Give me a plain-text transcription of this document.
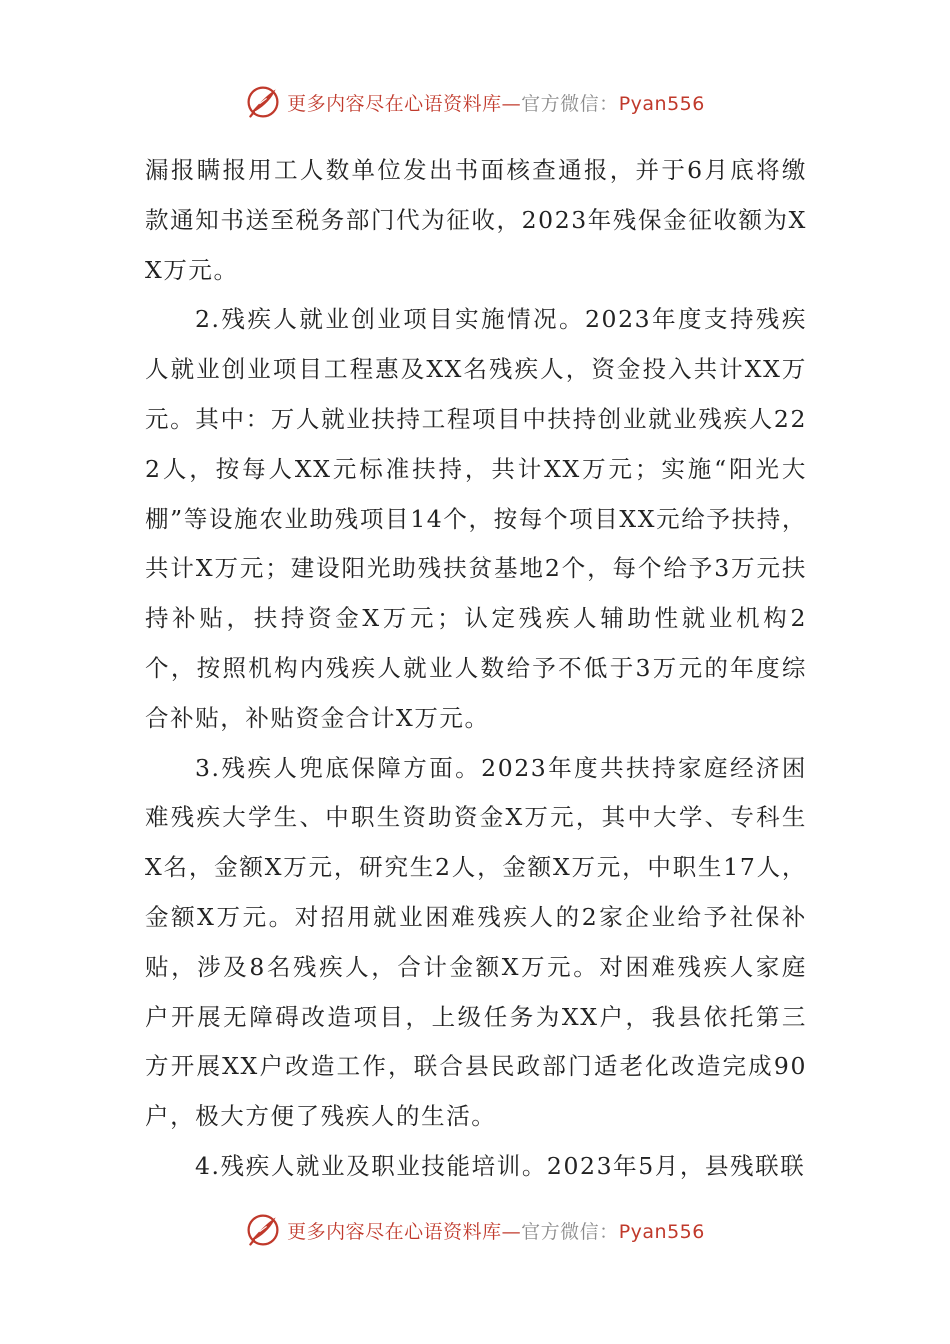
更多内容尽在心语资料库—官方微信：Pyan556

漏报瞒报用工人数单位发出书面核查通报，并于6月底将缴款通知书送至税务部门代为征收，2023年残保金征收额为XX万元。

2.残疾人就业创业项目实施情况。2023年度支持残疾人就业创业项目工程惠及XX名残疾人，资金投入共计XX万元。其中：万人就业扶持工程项目中扶持创业就业残疾人222人，按每人XX元标准扶持，共计XX万元；实施“阳光大棚”等设施农业助残项目14个，按每个项目XX元给予扶持，共计X万元；建设阳光助残扶贫基地2个，每个给予3万元扶持补贴，扶持资金X万元；认定残疾人辅助性就业机构2个，按照机构内残疾人就业人数给予不低于3万元的年度综合补贴，补贴资金合计X万元。

3.残疾人兜底保障方面。2023年度共扶持家庭经济困难残疾大学生、中职生资助资金X万元，其中大学、专科生X名，金额X万元，研究生2人，金额X万元，中职生17人，金额X万元。对招用就业困难残疾人的2家企业给予社保补贴，涉及8名残疾人，合计金额X万元。对困难残疾人家庭户开展无障碍改造项目，上级任务为XX户，我县依托第三方开展XX户改造工作，联合县民政部门适老化改造完成90户，极大方便了残疾人的生活。

4.残疾人就业及职业技能培训。2023年5月，县残联联

更多内容尽在心语资料库—官方微信：Pyan556
